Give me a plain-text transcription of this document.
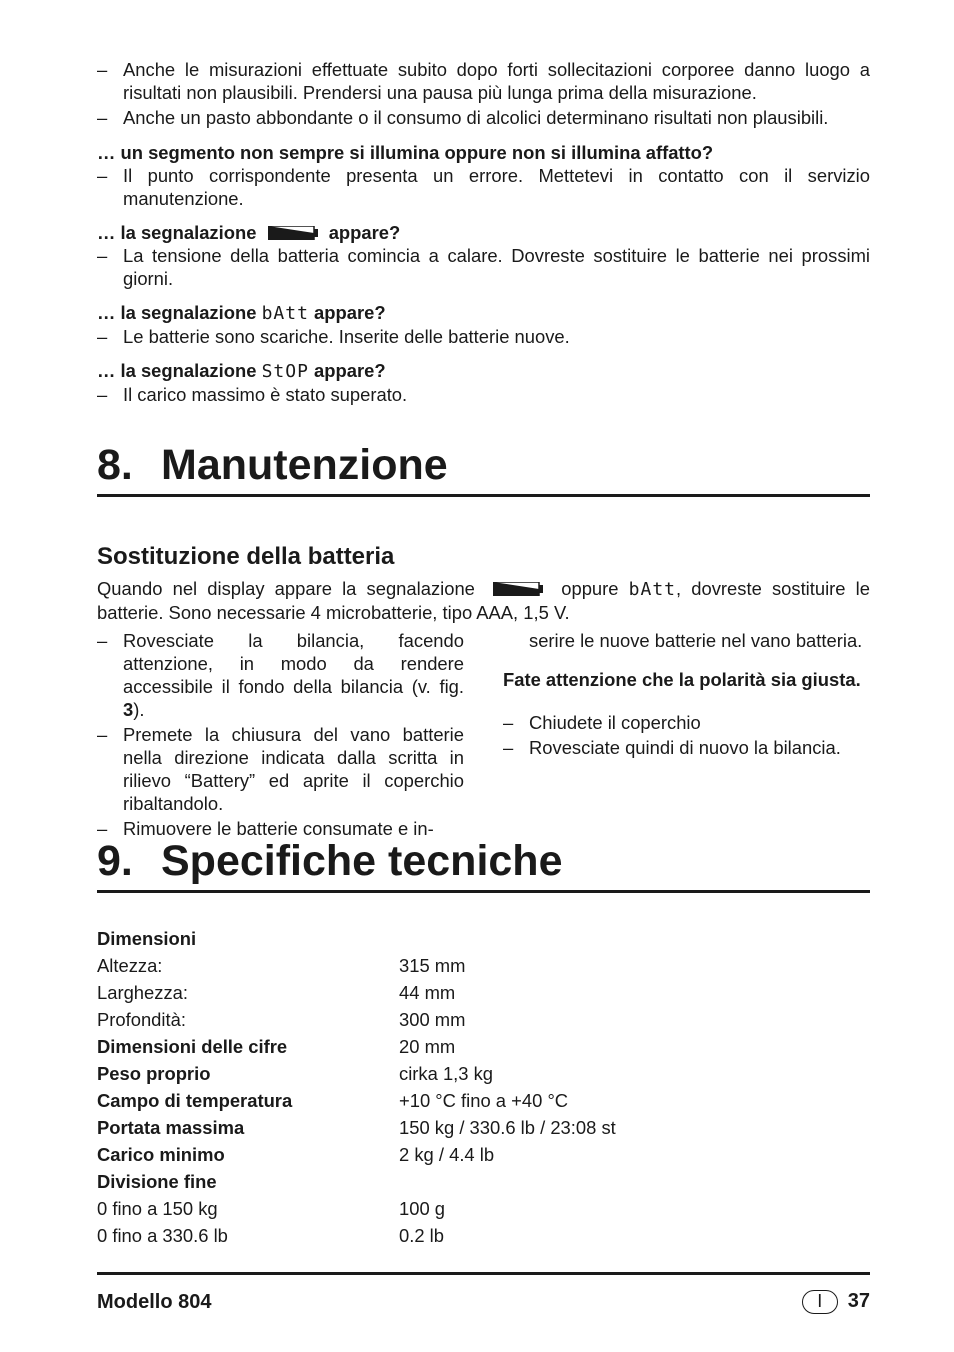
– Anche le misurazioni effettuate subito dopo forti sollecitazioni corporee danno luogo a risultati non plausibili. Prendersi una pausa più lunga prima della misurazione.
– Anche un pasto abbondante o il consumo di alcolici determinano risultati non plausibili.
… un segmento non sempre si illumina oppure non si illumina affatto?
– Il punto corrispondente presenta un errore. Mettetevi in contatto con il servizio manutenzione.
… la segnalazione	appare?
– La tensione della batteria comincia a calare. Dovreste sostituire le batterie nei prossimi giorni.
… la segnalazione bAtt appare?
– Le batterie sono scariche. Inserite delle batterie nuove.
… la segnalazione StOP appare?
– Il carico massimo è stato superato.
8. Manutenzione
Sostituzione della batteria
Quando nel display appare la segnalazione	oppure bAtt, dovreste sostituire le batterie. Sono necessarie 4 microbatterie, tipo AAA, 1,5 V.
– Rovesciate la bilancia, facendo attenzione, in modo da rendere accessibile il fondo della bilancia (v. fig. 3).
– Premete la chiusura del vano batterie nella direzione indicata dalla scritta in rilievo “Battery” ed aprite il coperchio ribaltandolo.
– Rimuovere le batterie consumate e in-
serire le nuove batterie nel vano batteria.
Fate attenzione che la polarità sia giusta.
– Chiudete il coperchio
– Rovesciate quindi di nuovo la bilancia.
9. Specifiche tecniche
Dimensioni
Altezza:	315 mm
Larghezza:	44 mm
Profondità:	300 mm
Dimensioni delle cifre	20 mm
Peso proprio	cirka 1,3 kg
Campo di temperatura	+10 °C fino a +40 °C
Portata massima	150 kg / 330.6 lb / 23:08 st
Carico minimo	2 kg / 4.4 lb
Divisione fine
0 fino a 150 kg	100 g
0 fino a 330.6 lb	0.2 lb
Modello 804	I 37
